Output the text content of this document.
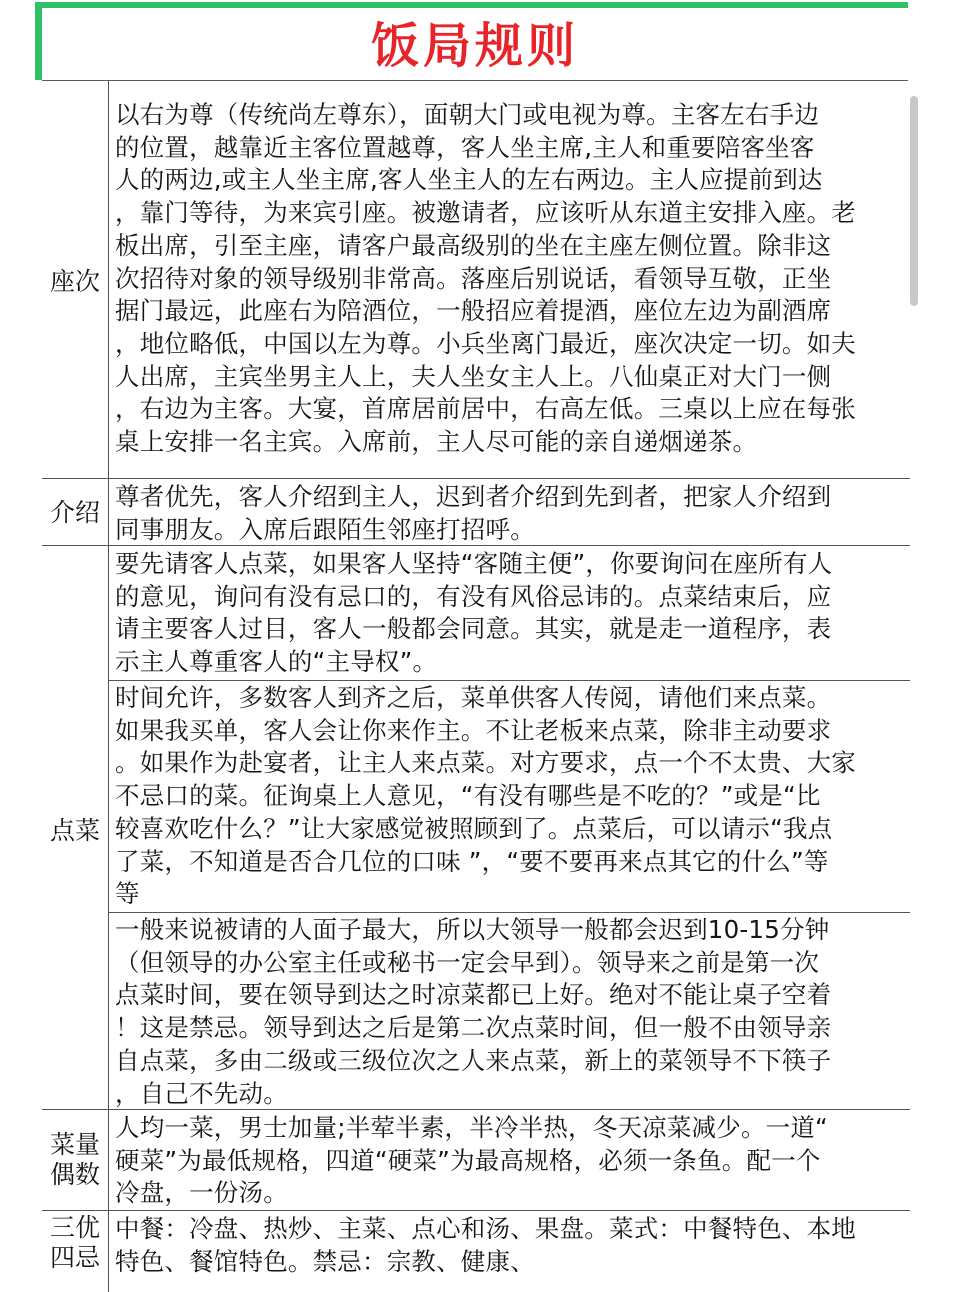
饭局规则
座次
以右为尊（传统尚左尊东），面朝大门或电视为尊。主客左右手边
的位置，越靠近主客位置越尊，客人坐主席,主人和重要陪客坐客
人的两边,或主人坐主席,客人坐主人的左右两边。主人应提前到达
，靠门等待，为来宾引座。被邀请者，应该听从东道主安排入座。老
板出席，引至主座，请客户最高级别的坐在主座左侧位置。除非这
次招待对象的领导级别非常高。落座后别说话，看领导互敬，正坐
据门最远，此座右为陪酒位，一般招应着提酒，座位左边为副酒席
，地位略低，中国以左为尊。小兵坐离门最近，座次决定一切。如夫
人出席，主宾坐男主人上，夫人坐女主人上。八仙桌正对大门一侧
，右边为主客。大宴，首席居前居中，右高左低。三桌以上应在每张
桌上安排一名主宾。入席前，主人尽可能的亲自递烟递茶。
介绍
尊者优先，客人介绍到主人，迟到者介绍到先到者，把家人介绍到
同事朋友。入席后跟陌生邻座打招呼。
点菜
要先请客人点菜，如果客人坚持“客随主便”，你要询问在座所有人
的意见，询问有没有忌口的，有没有风俗忌讳的。点菜结束后，应
请主要客人过目，客人一般都会同意。其实，就是走一道程序，表
示主人尊重客人的“主导权”。
时间允许，多数客人到齐之后，菜单供客人传阅，请他们来点菜。
如果我买单，客人会让你来作主。不让老板来点菜，除非主动要求
。如果作为赴宴者，让主人来点菜。对方要求，点一个不太贵、大家
不忌口的菜。征询桌上人意见，“有没有哪些是不吃的？”或是“比
较喜欢吃什么？”让大家感觉被照顾到了。点菜后，可以请示“我点
了菜，不知道是否合几位的口味 ”，“要不要再来点其它的什么”等
等
一般来说被请的人面子最大，所以大领导一般都会迟到10-15分钟
（但领导的办公室主任或秘书一定会早到）。领导来之前是第一次
点菜时间，要在领导到达之时凉菜都已上好。绝对不能让桌子空着
！这是禁忌。领导到达之后是第二次点菜时间，但一般不由领导亲
自点菜，多由二级或三级位次之人来点菜，新上的菜领导不下筷子
，自己不先动。
菜量
偶数
人均一菜，男士加量;半荤半素，半冷半热，冬天凉菜减少。一道“
硬菜”为最低规格，四道“硬菜”为最高规格，必须一条鱼。配一个
冷盘，一份汤。
三优
四忌
中餐：冷盘、热炒、主菜、点心和汤、果盘。菜式：中餐特色、本地
特色、餐馆特色。禁忌：宗教、健康、
